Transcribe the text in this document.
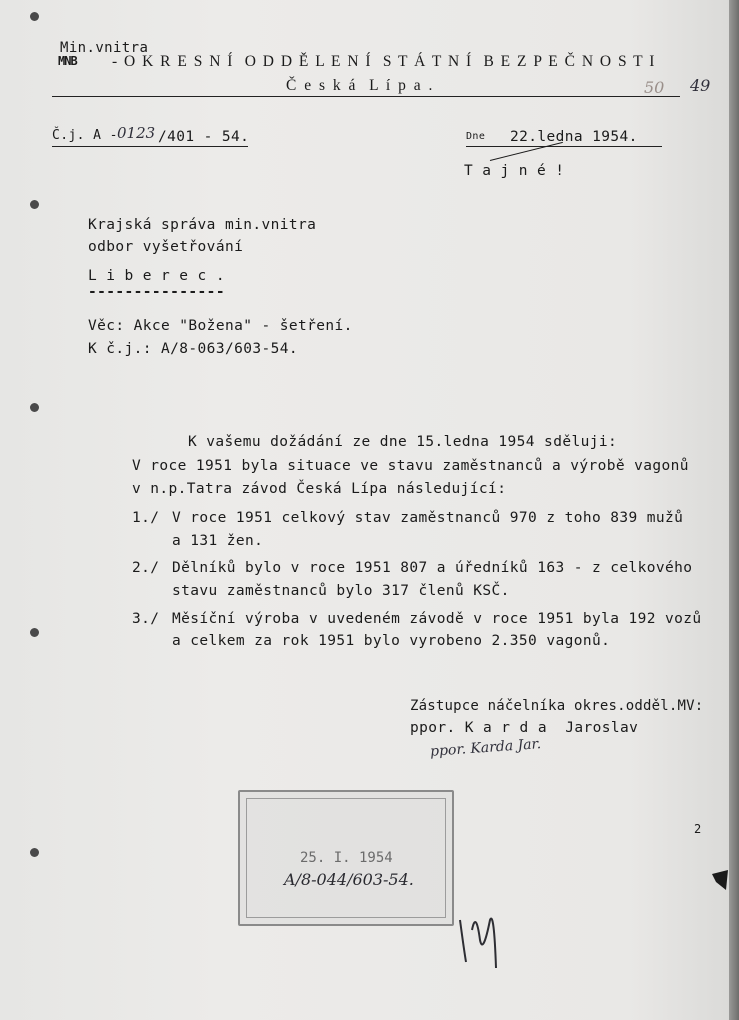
Min.vnitra
MNB - O K R E S N Í  O D D Ě L E N Í  S T Á T N Í  B E Z P E Č N O S T I
Č e s k á  L í p a .	50 49
Č.j. A - 0123 /401 - 54.	Dne 22.ledna 1954.
T a j n é !
Krajská správa min.vnitra
odbor vyšetřování
L i b e r e c .
---------------
Věc: Akce "Božena" - šetření.
K č.j.: A/8-063/603-54.
K vašemu dožádání ze dne 15.ledna 1954 sděluji:
V roce 1951 byla situace ve stavu zaměstnanců a výrobě vagonů
v n.p.Tatra závod Česká Lípa následující:
1./ V roce 1951 celkový stav zaměstnanců 970 z toho 839 mužů
a 131 žen.
2./ Dělníků bylo v roce 1951 807 a úředníků 163 - z celkového
stavu zaměstnanců bylo 317 členů KSČ.
3./ Měsíční výroba v uvedeném závodě v roce 1951 byla 192 vozů
a celkem za rok 1951 bylo vyrobeno 2.350 vagonů.
Zástupce náčelníka okres.odděl.MV:
ppor. K a r d a  Jaroslav
ppor. Karda Jar.
25. I. 1954
A/8-044/603-54.
2
